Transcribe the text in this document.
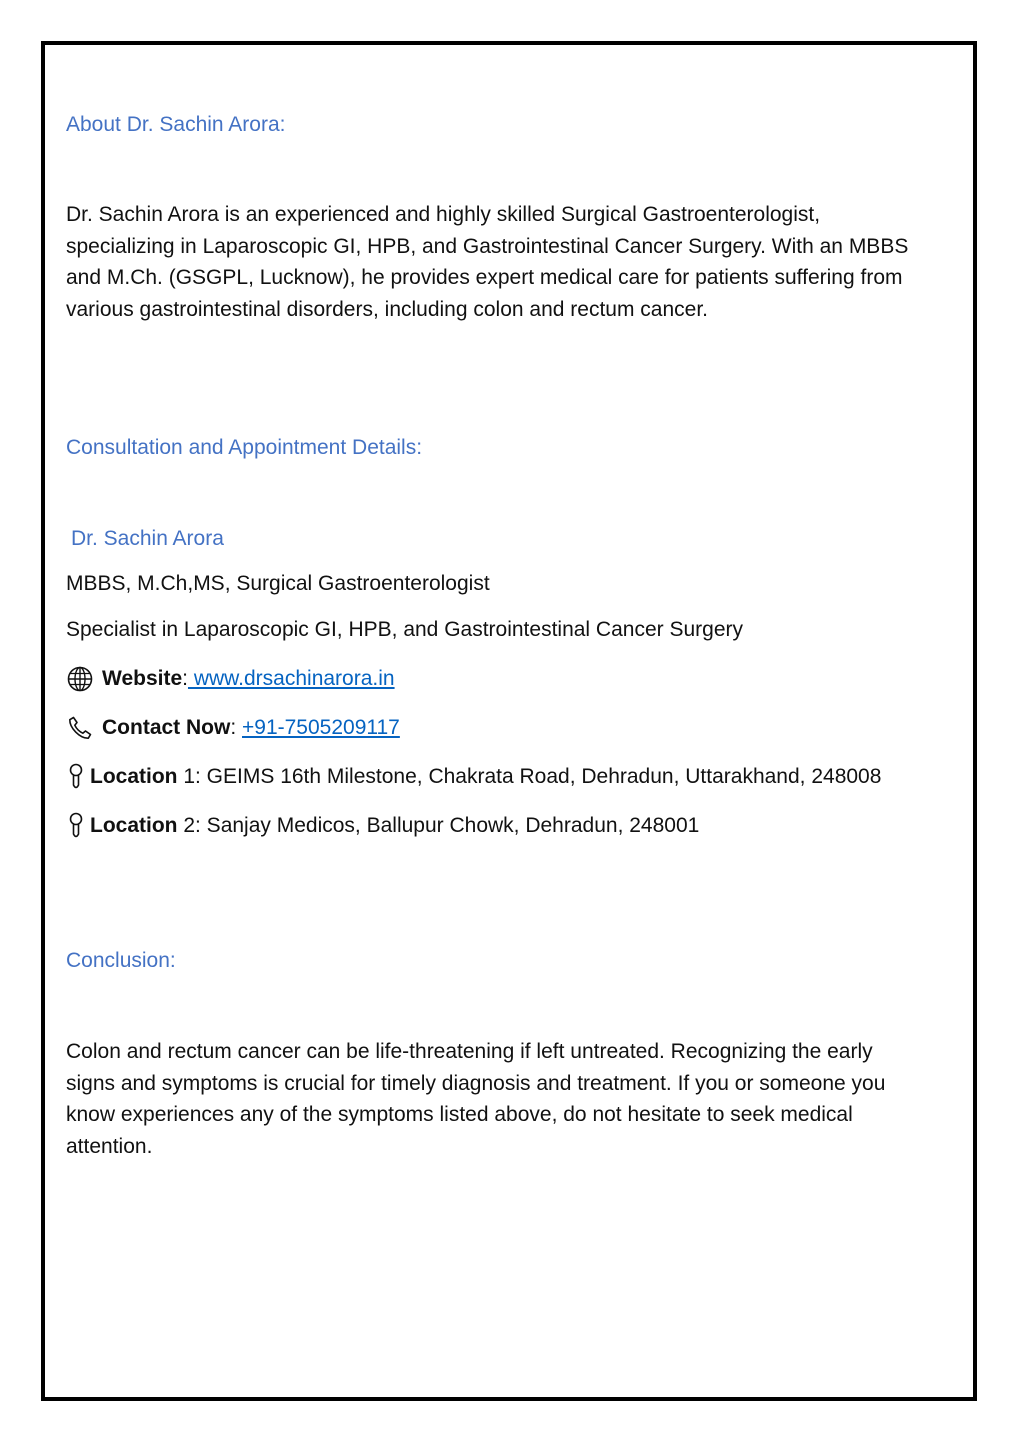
About Dr. Sachin Arora:
Dr. Sachin Arora is an experienced and highly skilled Surgical Gastroenterologist,
specializing in Laparoscopic GI, HPB, and Gastrointestinal Cancer Surgery. With an MBBS
and M.Ch. (GSGPL, Lucknow), he provides expert medical care for patients suffering from
various gastrointestinal disorders, including colon and rectum cancer.
Consultation and Appointment Details:
Dr. Sachin Arora
MBBS, M.Ch,MS, Surgical Gastroenterologist
Specialist in Laparoscopic GI, HPB, and Gastrointestinal Cancer Surgery
Website : www.drsachinarora.in
Contact Now : +91-7505209117
Location 1: GEIMS 16th Milestone, Chakrata Road, Dehradun, Uttarakhand, 248008
Location 2: Sanjay Medicos, Ballupur Chowk, Dehradun, 248001
Conclusion:
Colon and rectum cancer can be life-threatening if left untreated. Recognizing the early
signs and symptoms is crucial for timely diagnosis and treatment. If you or someone you
know experiences any of the symptoms listed above, do not hesitate to seek medical
attention.
